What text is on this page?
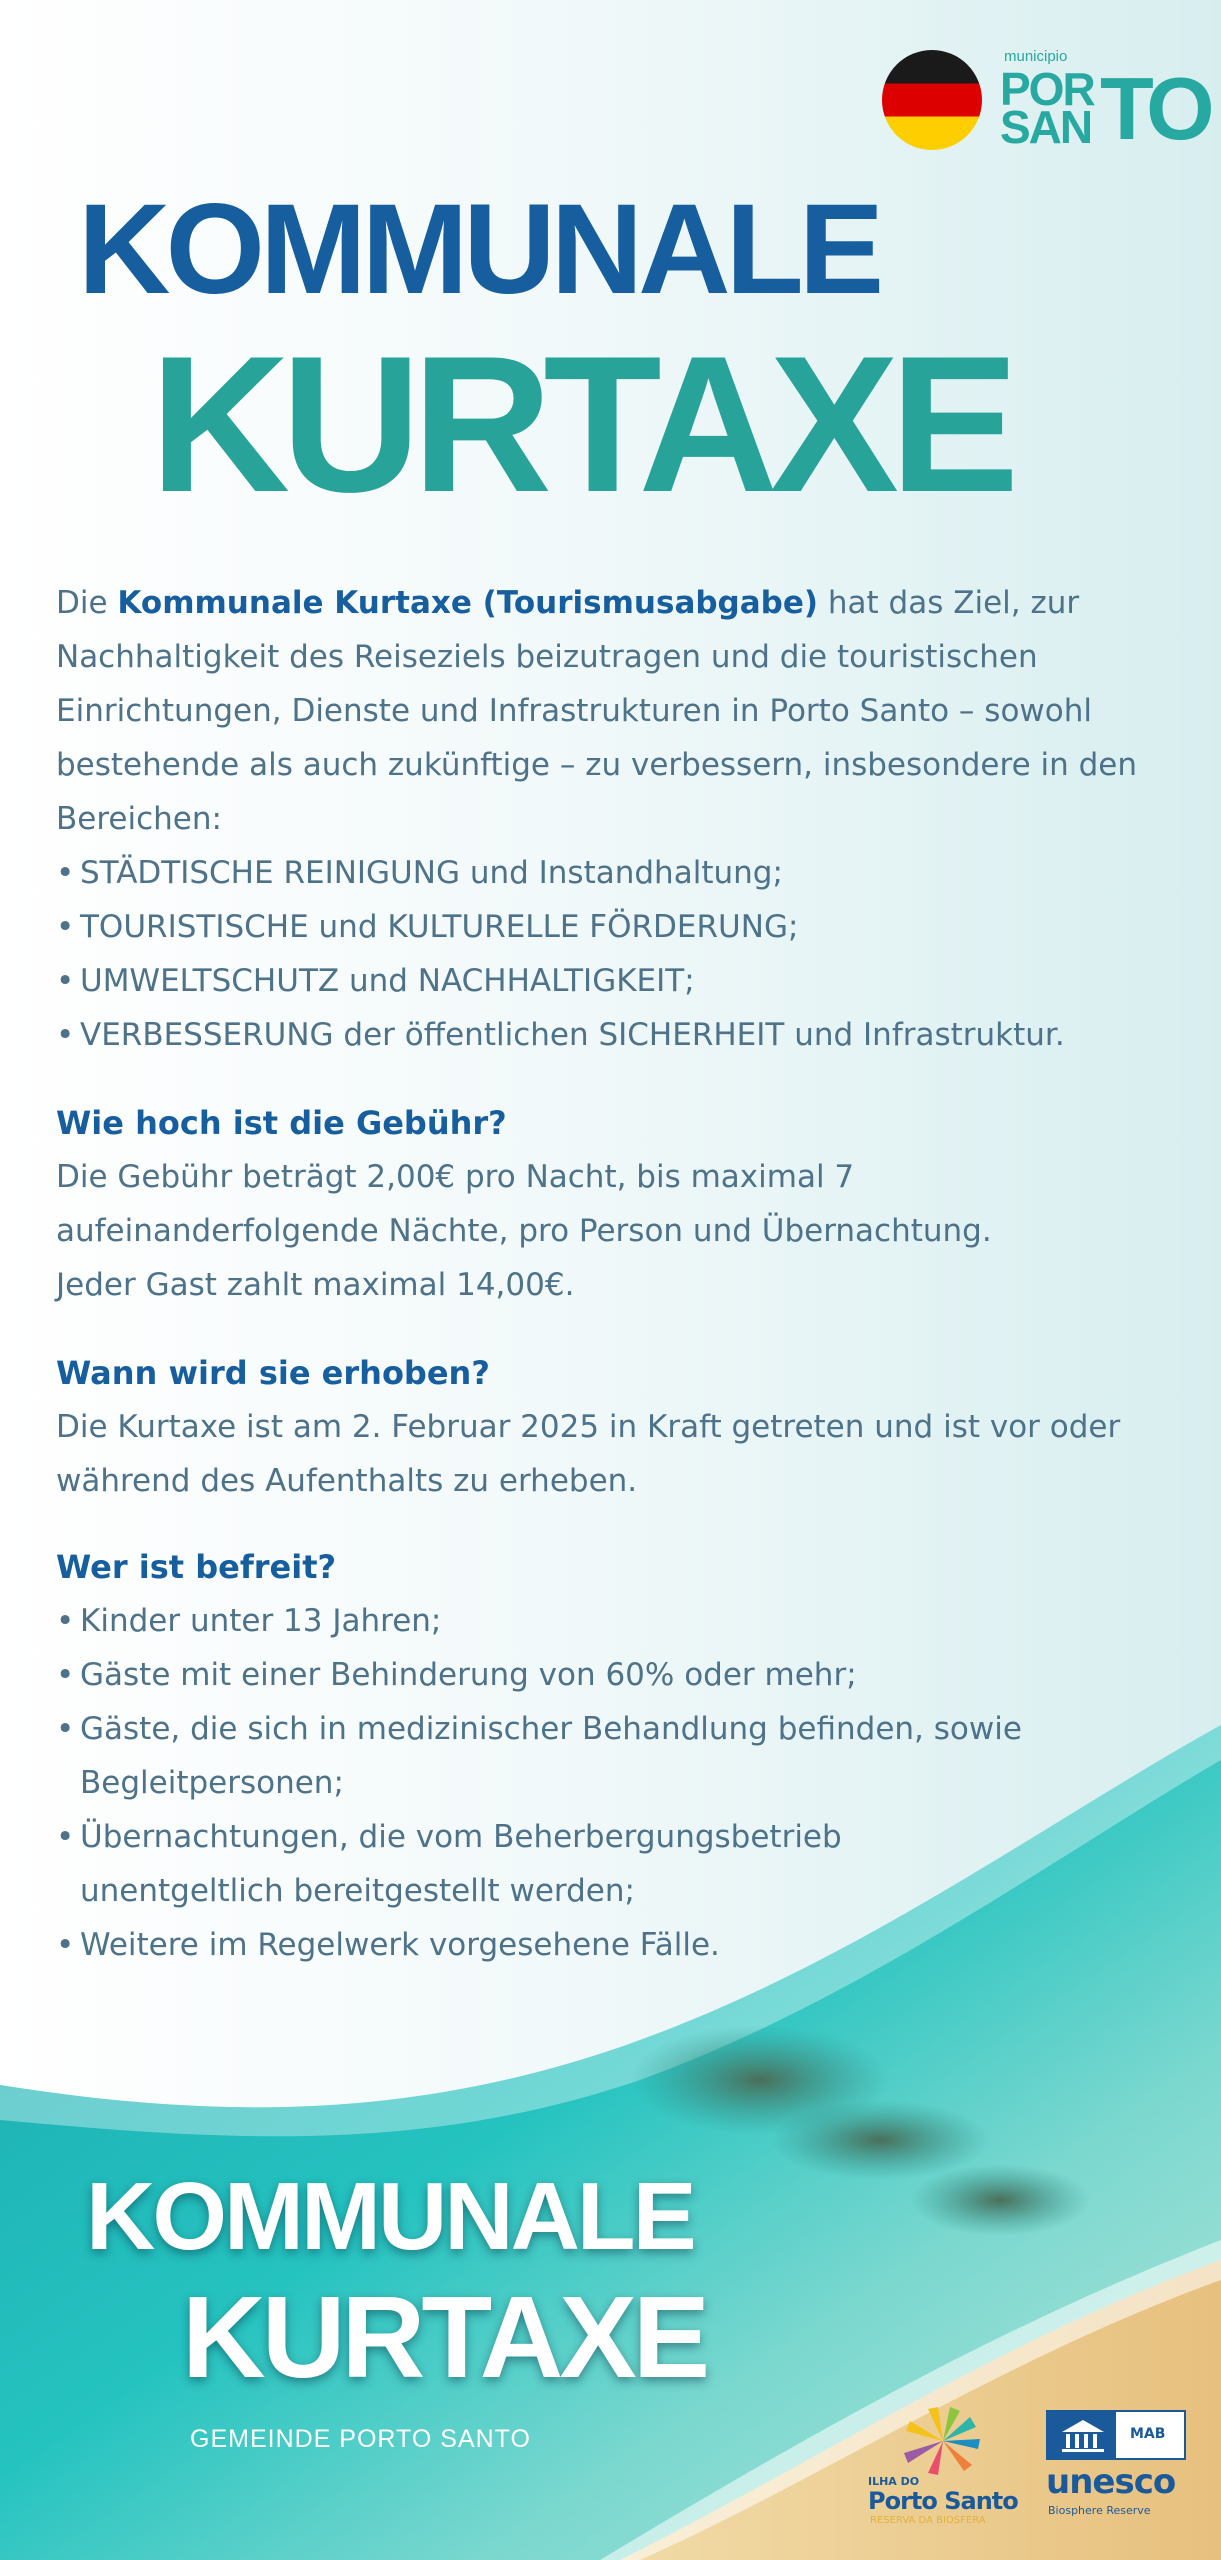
municipio
POR
SAN TO
KOMMUNALE
KURTAXE

Die Kommunale Kurtaxe (Tourismusabgabe) hat das Ziel, zur Nachhaltigkeit des Reiseziels beizutragen und die touristischen Einrichtungen, Dienste und Infrastrukturen in Porto Santo – sowohl bestehende als auch zukünftige – zu verbessern, insbesondere in den Bereichen:

• STÄDTISCHE REINIGUNG und Instandhaltung;
• TOURISTISCHE und KULTURELLE FÖRDERUNG;
• UMWELTSCHUTZ und NACHHALTIGKEIT;
• VERBESSERUNG der öffentlichen SICHERHEIT und Infrastruktur.
Wie hoch ist die Gebühr?

Die Gebühr beträgt 2,00€ pro Nacht, bis maximal 7 aufeinanderfolgende Nächte, pro Person und Übernachtung. Jeder Gast zahlt maximal 14,00€.

Wann wird sie erhoben?

Die Kurtaxe ist am 2. Februar 2025 in Kraft getreten und ist vor oder während des Aufenthalts zu erheben.

Wer ist befreit?
• Kinder unter 13 Jahren;
• Gäste mit einer Behinderung von 60% oder mehr;
• Gäste, die sich in medizinischer Behandlung befinden, sowie Begleitpersonen;
• Übernachtungen, die vom Beherbergungsbetrieb unentgeltlich bereitgestellt werden;
• Weitere im Regelwerk vorgesehene Fälle.
KOMMUNALE
KURTAXE
GEMEINDE PORTO SANTO
ILHA DO
Porto Santo
RESERVA DA BIOSFERA
MAB
unesco
Biosphere Reserve
